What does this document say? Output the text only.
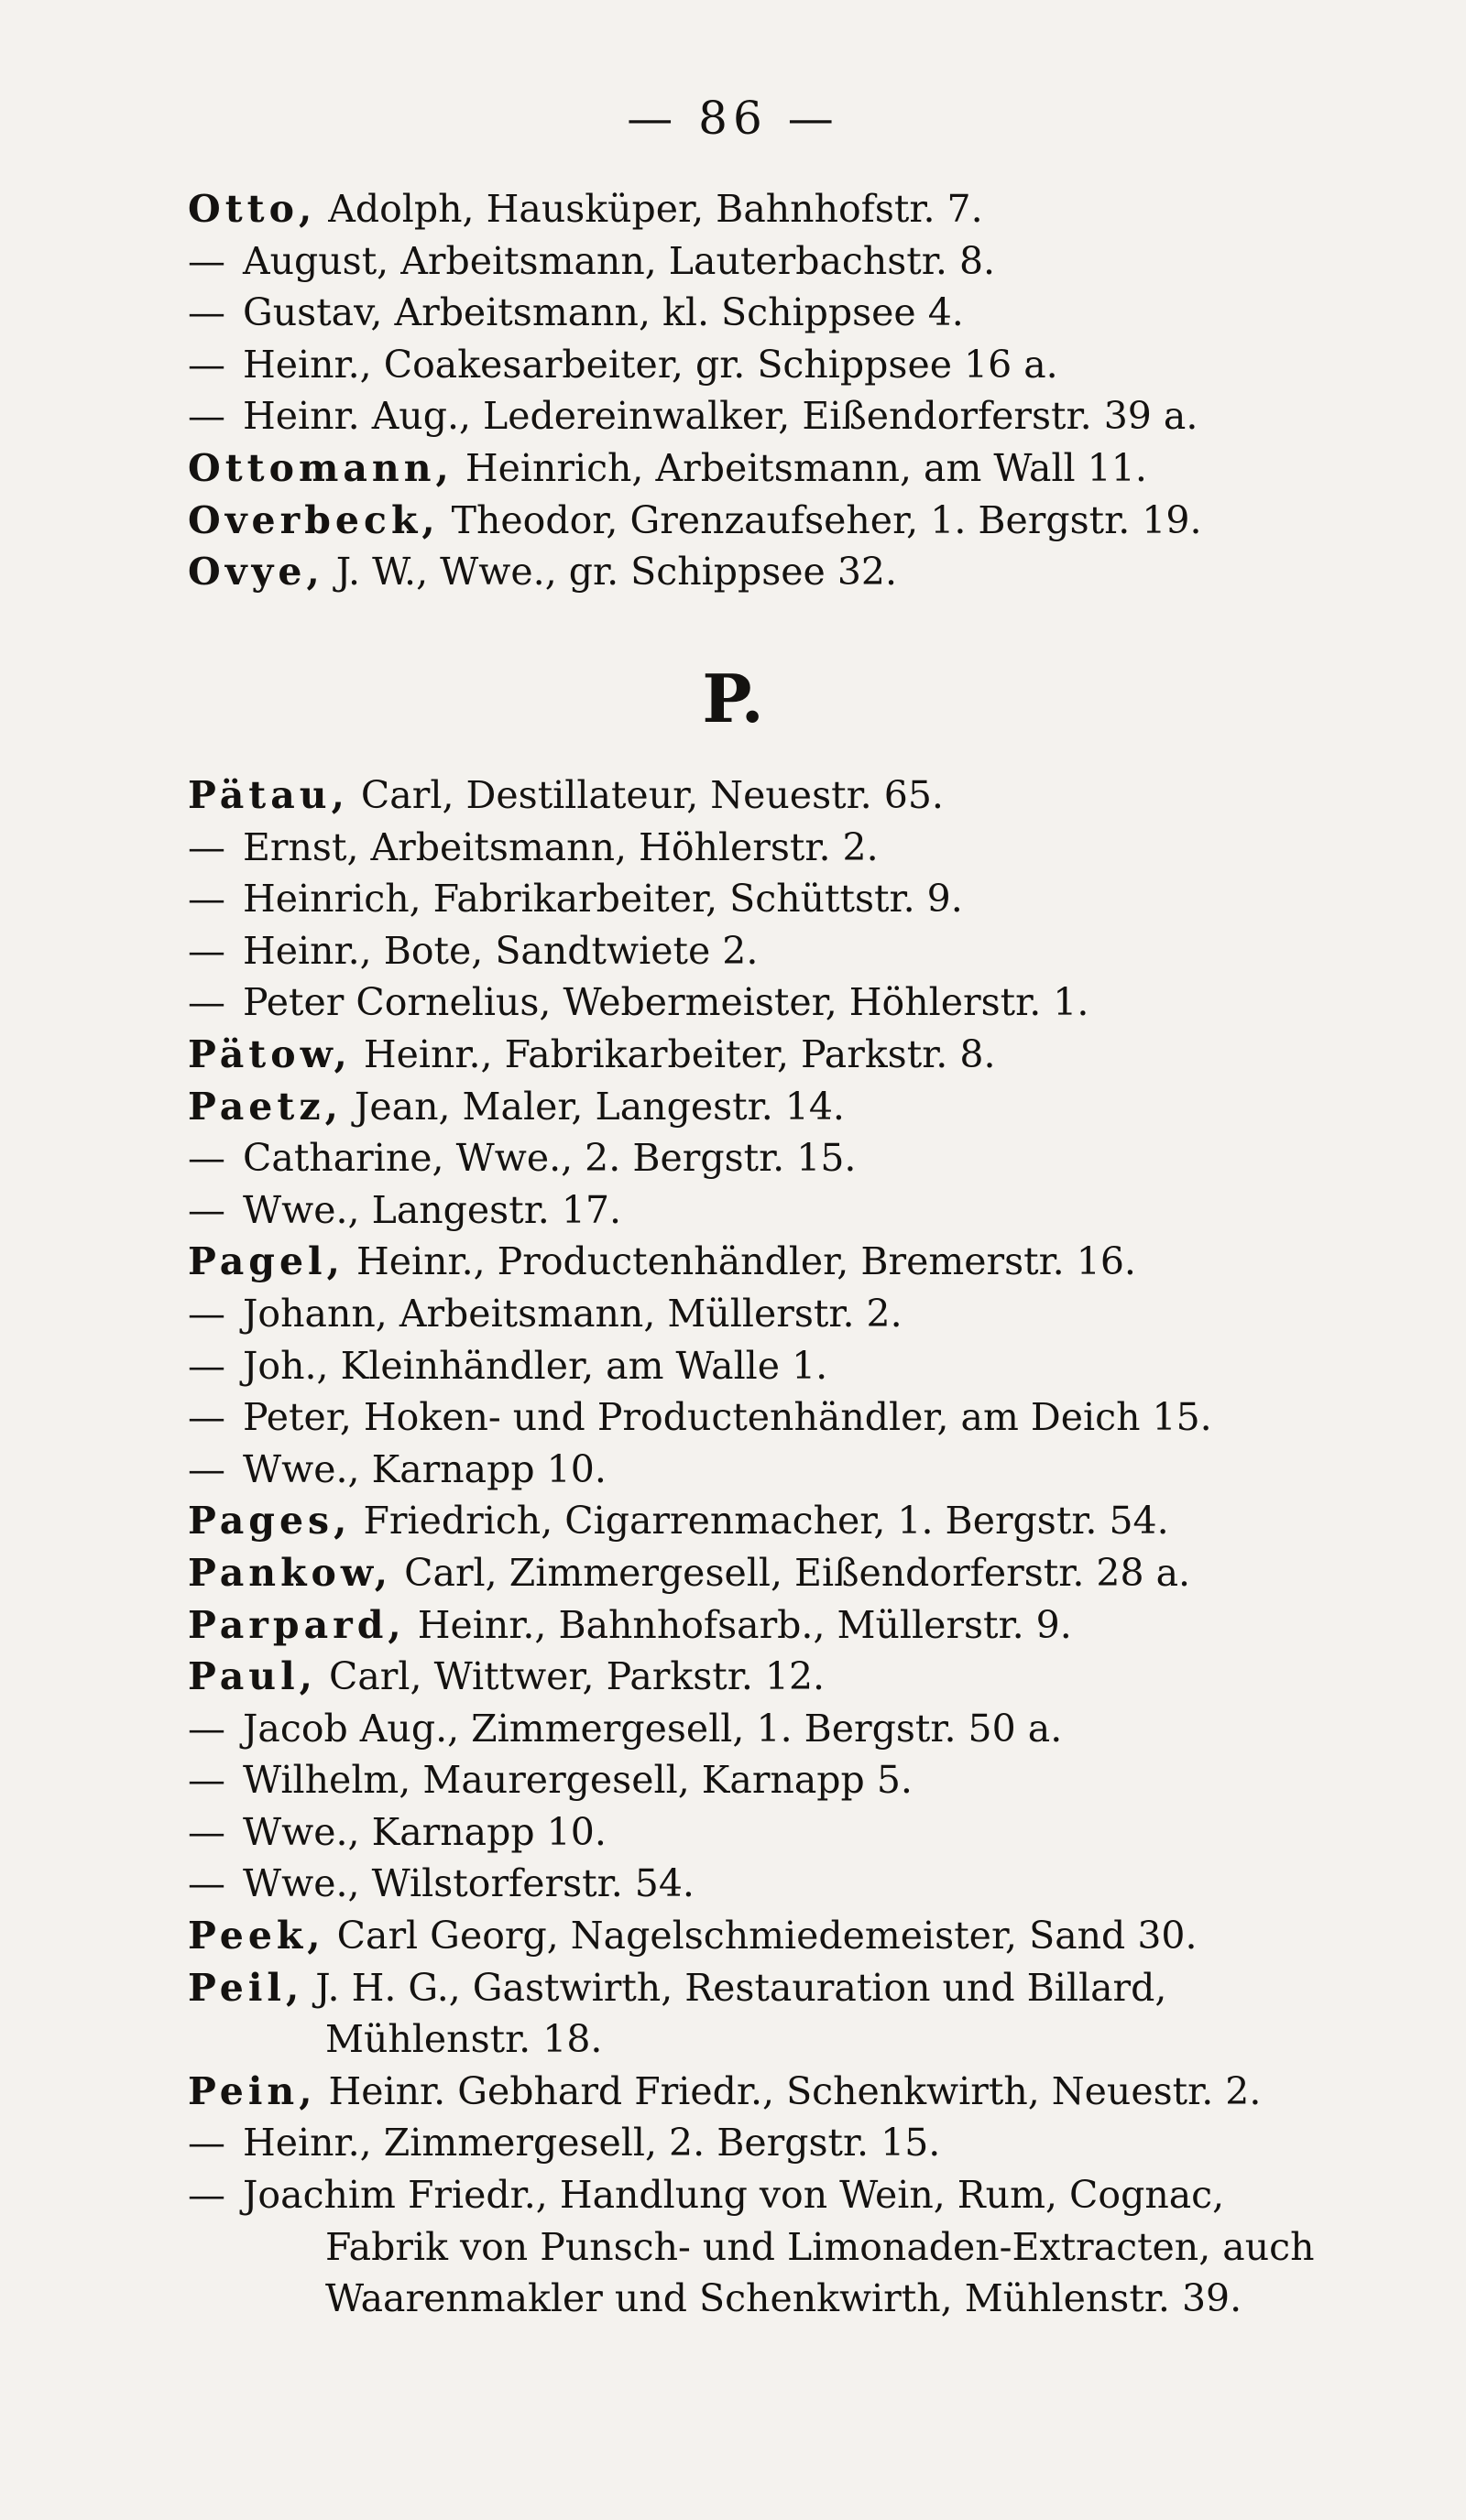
— 86 —
Otto, Adolph, Hausküper, Bahnhofstr. 7.
— August, Arbeitsmann, Lauterbachstr. 8.
— Gustav, Arbeitsmann, kl. Schippsee 4.
— Heinr., Coakesarbeiter, gr. Schippsee 16 a.
— Heinr. Aug., Ledereinwalker, Eißendorferstr. 39 a.
Ottomann, Heinrich, Arbeitsmann, am Wall 11.
Overbeck, Theodor, Grenzaufseher, 1. Bergstr. 19.
Ovye, J. W., Wwe., gr. Schippsee 32.
P.
Pätau, Carl, Destillateur, Neuestr. 65.
— Ernst, Arbeitsmann, Höhlerstr. 2.
— Heinrich, Fabrikarbeiter, Schüttstr. 9.
— Heinr., Bote, Sandtwiete 2.
— Peter Cornelius, Webermeister, Höhlerstr. 1.
Pätow, Heinr., Fabrikarbeiter, Parkstr. 8.
Paetz, Jean, Maler, Langestr. 14.
— Catharine, Wwe., 2. Bergstr. 15.
— Wwe., Langestr. 17.
Pagel, Heinr., Productenhändler, Bremerstr. 16.
— Johann, Arbeitsmann, Müllerstr. 2.
— Joh., Kleinhändler, am Walle 1.
— Peter, Hoken- und Productenhändler, am Deich 15.
— Wwe., Karnapp 10.
Pages, Friedrich, Cigarrenmacher, 1. Bergstr. 54.
Pankow, Carl, Zimmergesell, Eißendorferstr. 28 a.
Parpard, Heinr., Bahnhofsarb., Müllerstr. 9.
Paul, Carl, Wittwer, Parkstr. 12.
— Jacob Aug., Zimmergesell, 1. Bergstr. 50 a.
— Wilhelm, Maurergesell, Karnapp 5.
— Wwe., Karnapp 10.
— Wwe., Wilstorferstr. 54.
Peek, Carl Georg, Nagelschmiedemeister, Sand 30.
Peil, J. H. G., Gastwirth, Restauration und Billard,
Mühlenstr. 18.
Pein, Heinr. Gebhard Friedr., Schenkwirth, Neuestr. 2.
— Heinr., Zimmergesell, 2. Bergstr. 15.
— Joachim Friedr., Handlung von Wein, Rum, Cognac,
Fabrik von Punsch- und Limonaden-Extracten, auch
Waarenmakler und Schenkwirth, Mühlenstr. 39.
